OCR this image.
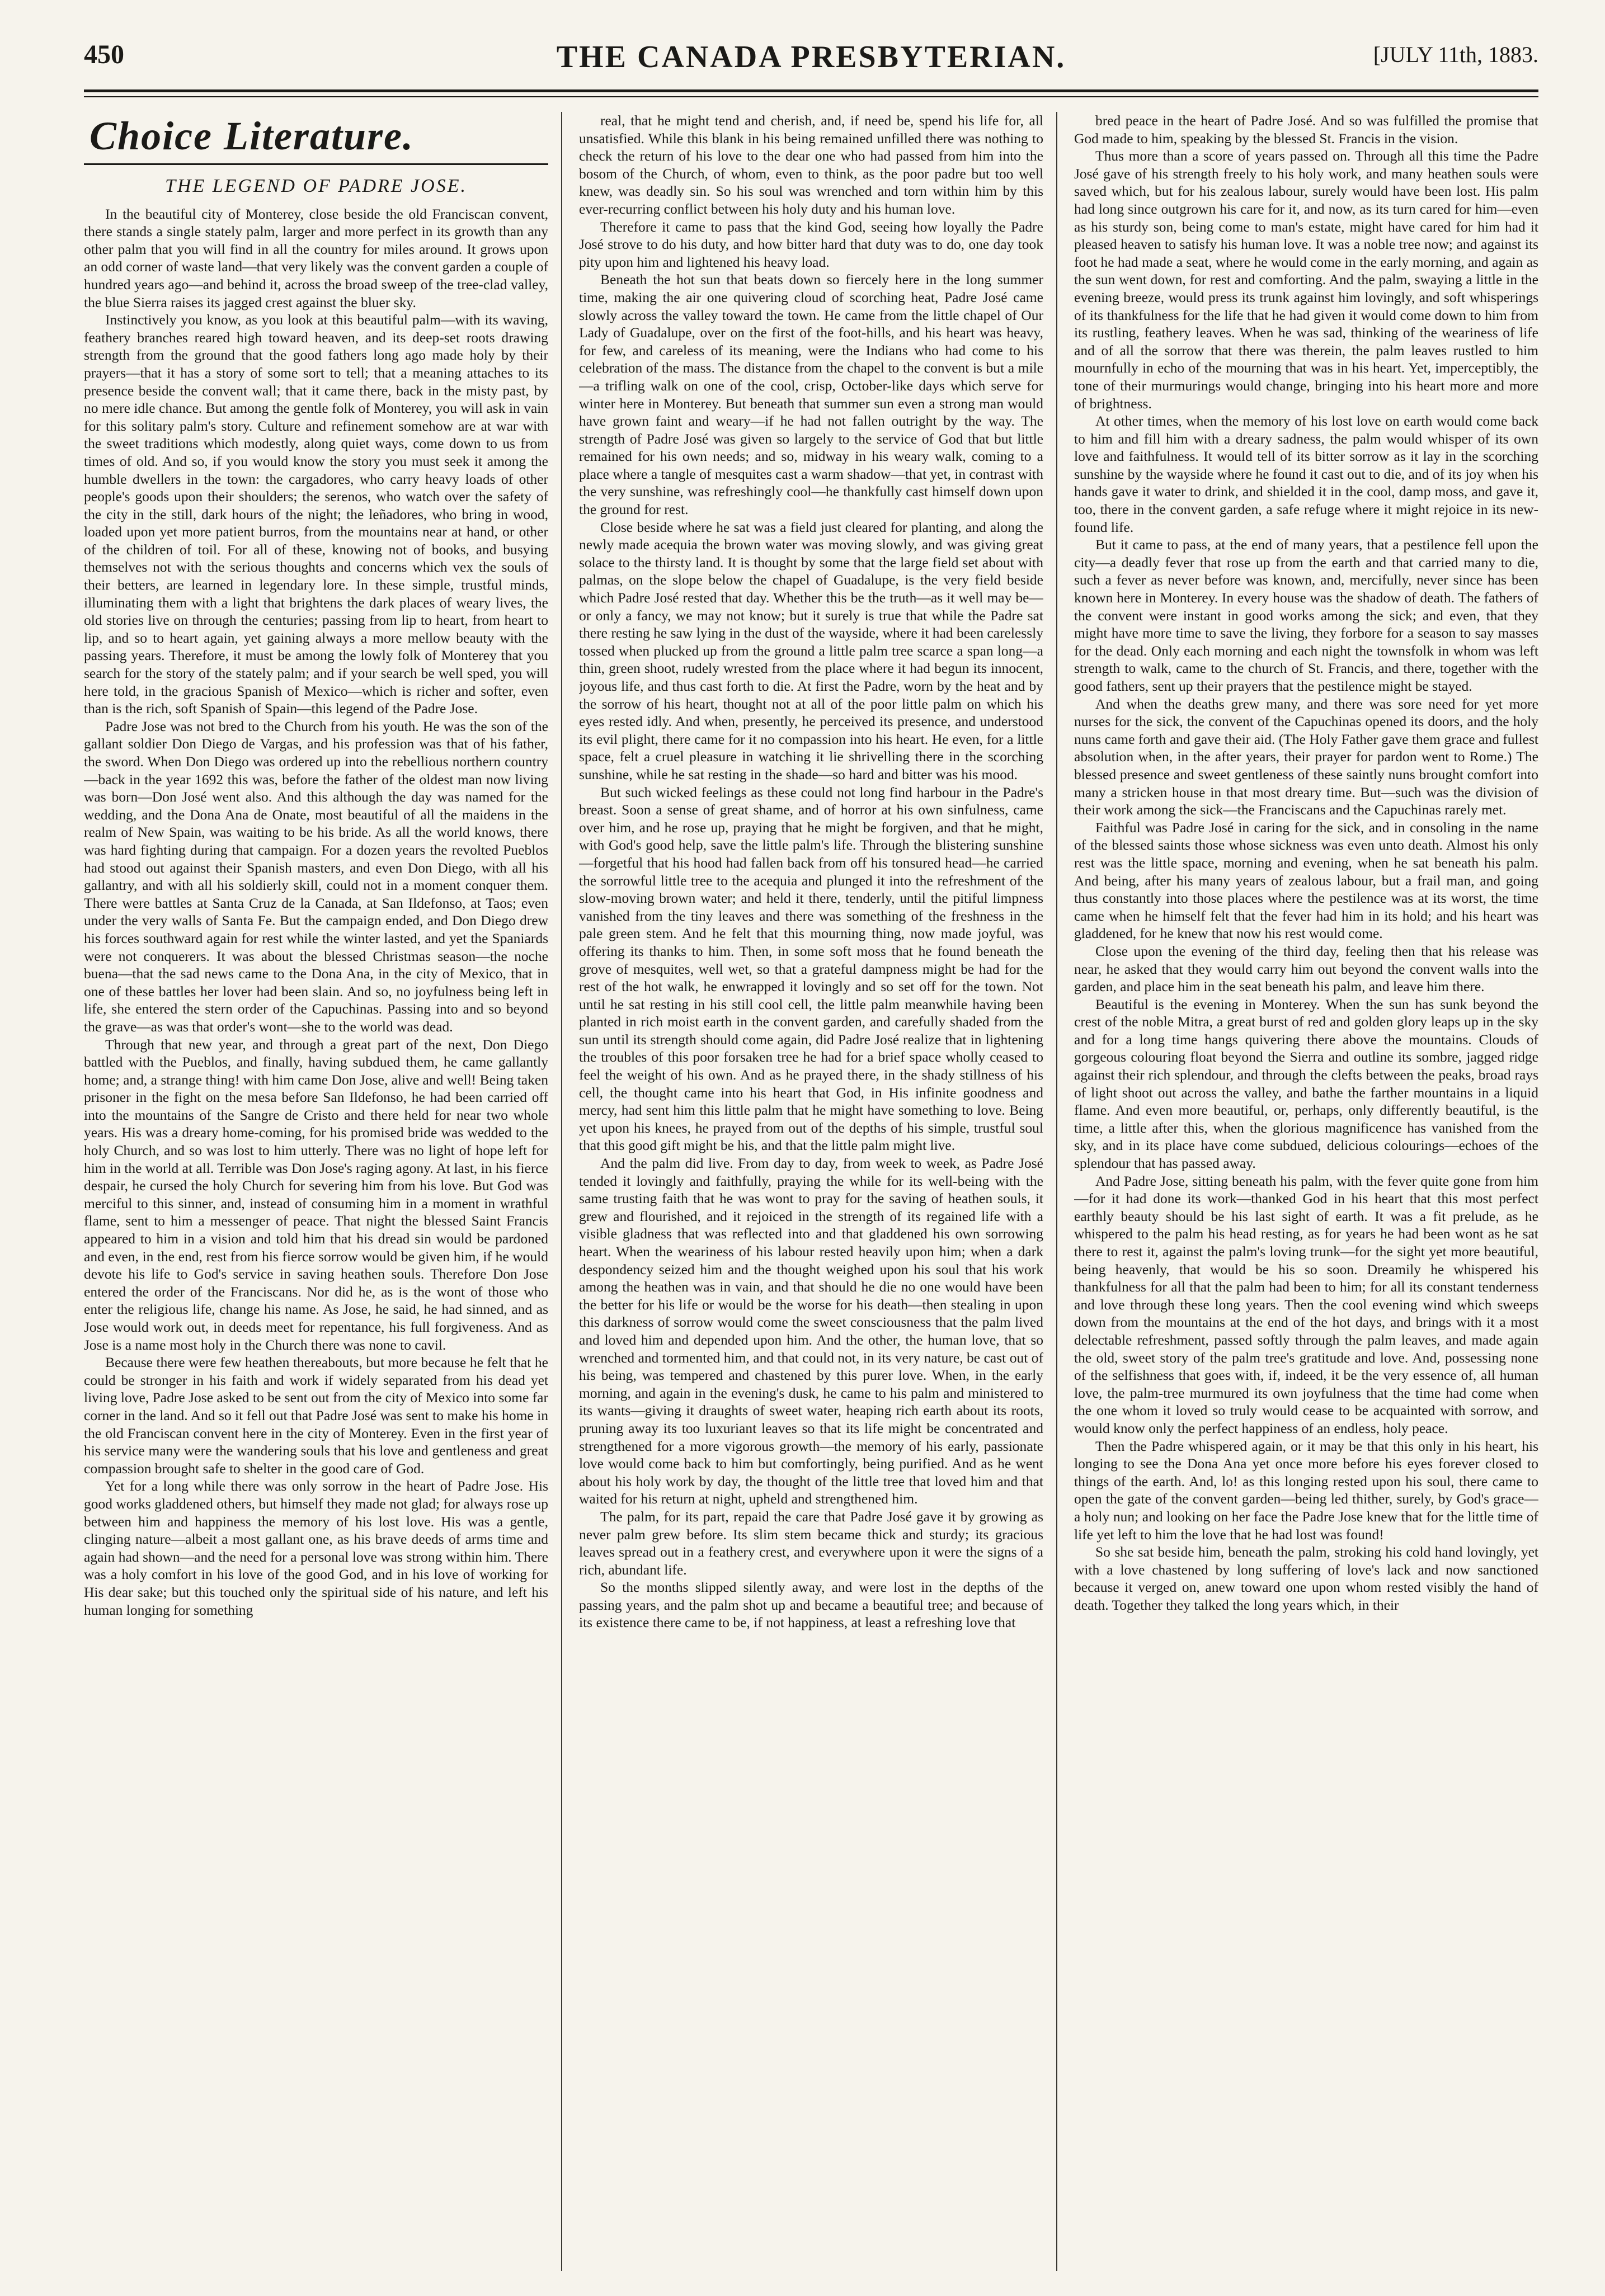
450	THE CANADA PRESBYTERIAN.	[JULY 11th, 1883.
Choice Literature.
THE LEGEND OF PADRE JOSE.

In the beautiful city of Monterey, close beside the old Franciscan convent, there stands a single stately palm, larger and more perfect in its growth than any other palm that you will find in all the country for miles around. It grows upon an odd corner of waste land—that very likely was the convent garden a couple of hundred years ago—and behind it, across the broad sweep of the tree-clad valley, the blue Sierra raises its jagged crest against the bluer sky.

Instinctively you know, as you look at this beautiful palm—with its waving, feathery branches reared high toward heaven, and its deep-set roots drawing strength from the ground that the good fathers long ago made holy by their prayers—that it has a story of some sort to tell; that a meaning attaches to its presence beside the convent wall; that it came there, back in the misty past, by no mere idle chance. But among the gentle folk of Monterey, you will ask in vain for this solitary palm's story. Culture and refinement somehow are at war with the sweet traditions which modestly, along quiet ways, come down to us from times of old. And so, if you would know the story you must seek it among the humble dwellers in the town: the cargadores, who carry heavy loads of other people's goods upon their shoulders; the serenos, who watch over the safety of the city in the still, dark hours of the night; the leñadores, who bring in wood, loaded upon yet more patient burros, from the mountains near at hand, or other of the children of toil. For all of these, knowing not of books, and busying themselves not with the serious thoughts and concerns which vex the souls of their betters, are learned in legendary lore. In these simple, trustful minds, illuminating them with a light that brightens the dark places of weary lives, the old stories live on through the centuries; passing from lip to heart, from heart to lip, and so to heart again, yet gaining always a more mellow beauty with the passing years. Therefore, it must be among the lowly folk of Monterey that you search for the story of the stately palm; and if your search be well sped, you will here told, in the gracious Spanish of Mexico—which is richer and softer, even than is the rich, soft Spanish of Spain—this legend of the Padre Jose.

Padre Jose was not bred to the Church from his youth. He was the son of the gallant soldier Don Diego de Vargas, and his profession was that of his father, the sword. When Don Diego was ordered up into the rebellious northern country—back in the year 1692 this was, before the father of the oldest man now living was born—Don José went also. And this although the day was named for the wedding, and the Dona Ana de Onate, most beautiful of all the maidens in the realm of New Spain, was waiting to be his bride. As all the world knows, there was hard fighting during that campaign. For a dozen years the revolted Pueblos had stood out against their Spanish masters, and even Don Diego, with all his gallantry, and with all his soldierly skill, could not in a moment conquer them. There were battles at Santa Cruz de la Canada, at San Ildefonso, at Taos; even under the very walls of Santa Fe. But the campaign ended, and Don Diego drew his forces southward again for rest while the winter lasted, and yet the Spaniards were not conquerers. It was about the blessed Christmas season—the noche buena—that the sad news came to the Dona Ana, in the city of Mexico, that in one of these battles her lover had been slain. And so, no joyfulness being left in life, she entered the stern order of the Capuchinas. Passing into and so beyond the grave—as was that order's wont—she to the world was dead.

Through that new year, and through a great part of the next, Don Diego battled with the Pueblos, and finally, having subdued them, he came gallantly home; and, a strange thing! with him came Don Jose, alive and well! Being taken prisoner in the fight on the mesa before San Ildefonso, he had been carried off into the mountains of the Sangre de Cristo and there held for near two whole years. His was a dreary home-coming, for his promised bride was wedded to the holy Church, and so was lost to him utterly. There was no light of hope left for him in the world at all. Terrible was Don Jose's raging agony. At last, in his fierce despair, he cursed the holy Church for severing him from his love. But God was merciful to this sinner, and, instead of consuming him in a moment in wrathful flame, sent to him a messenger of peace. That night the blessed Saint Francis appeared to him in a vision and told him that his dread sin would be pardoned and even, in the end, rest from his fierce sorrow would be given him, if he would devote his life to God's service in saving heathen souls. Therefore Don Jose entered the order of the Franciscans. Nor did he, as is the wont of those who enter the religious life, change his name. As Jose, he said, he had sinned, and as Jose would work out, in deeds meet for repentance, his full forgiveness. And as Jose is a name most holy in the Church there was none to cavil.

Because there were few heathen thereabouts, but more because he felt that he could be stronger in his faith and work if widely separated from his dead yet living love, Padre Jose asked to be sent out from the city of Mexico into some far corner in the land. And so it fell out that Padre José was sent to make his home in the old Franciscan convent here in the city of Monterey. Even in the first year of his service many were the wandering souls that his love and gentleness and great compassion brought safe to shelter in the good care of God.

Yet for a long while there was only sorrow in the heart of Padre Jose. His good works gladdened others, but himself they made not glad; for always rose up between him and happiness the memory of his lost love. His was a gentle, clinging nature—albeit a most gallant one, as his brave deeds of arms time and again had shown—and the need for a personal love was strong within him. There was a holy comfort in his love of the good God, and in his love of working for His dear sake; but this touched only the spiritual side of his nature, and left his human longing for something

real, that he might tend and cherish, and, if need be, spend his life for, all unsatisfied. While this blank in his being remained unfilled there was nothing to check the return of his love to the dear one who had passed from him into the bosom of the Church, of whom, even to think, as the poor padre but too well knew, was deadly sin. So his soul was wrenched and torn within him by this ever-recurring conflict between his holy duty and his human love.

Therefore it came to pass that the kind God, seeing how loyally the Padre José strove to do his duty, and how bitter hard that duty was to do, one day took pity upon him and lightened his heavy load.

Beneath the hot sun that beats down so fiercely here in the long summer time, making the air one quivering cloud of scorching heat, Padre José came slowly across the valley toward the town. He came from the little chapel of Our Lady of Guadalupe, over on the first of the foot-hills, and his heart was heavy, for few, and careless of its meaning, were the Indians who had come to his celebration of the mass. The distance from the chapel to the convent is but a mile—a trifling walk on one of the cool, crisp, October-like days which serve for winter here in Monterey. But beneath that summer sun even a strong man would have grown faint and weary—if he had not fallen outright by the way. The strength of Padre José was given so largely to the service of God that but little remained for his own needs; and so, midway in his weary walk, coming to a place where a tangle of mesquites cast a warm shadow—that yet, in contrast with the very sunshine, was refreshingly cool—he thankfully cast himself down upon the ground for rest.

Close beside where he sat was a field just cleared for planting, and along the newly made acequia the brown water was moving slowly, and was giving great solace to the thirsty land. It is thought by some that the large field set about with palmas, on the slope below the chapel of Guadalupe, is the very field beside which Padre José rested that day. Whether this be the truth—as it well may be—or only a fancy, we may not know; but it surely is true that while the Padre sat there resting he saw lying in the dust of the wayside, where it had been carelessly tossed when plucked up from the ground a little palm tree scarce a span long—a thin, green shoot, rudely wrested from the place where it had begun its innocent, joyous life, and thus cast forth to die. At first the Padre, worn by the heat and by the sorrow of his heart, thought not at all of the poor little palm on which his eyes rested idly. And when, presently, he perceived its presence, and understood its evil plight, there came for it no compassion into his heart. He even, for a little space, felt a cruel pleasure in watching it lie shrivelling there in the scorching sunshine, while he sat resting in the shade—so hard and bitter was his mood.

But such wicked feelings as these could not long find harbour in the Padre's breast. Soon a sense of great shame, and of horror at his own sinfulness, came over him, and he rose up, praying that he might be forgiven, and that he might, with God's good help, save the little palm's life. Through the blistering sunshine—forgetful that his hood had fallen back from off his tonsured head—he carried the sorrowful little tree to the acequia and plunged it into the refreshment of the slow-moving brown water; and held it there, tenderly, until the pitiful limpness vanished from the tiny leaves and there was something of the freshness in the pale green stem. And he felt that this mourning thing, now made joyful, was offering its thanks to him. Then, in some soft moss that he found beneath the grove of mesquites, well wet, so that a grateful dampness might be had for the rest of the hot walk, he enwrapped it lovingly and so set off for the town. Not until he sat resting in his still cool cell, the little palm meanwhile having been planted in rich moist earth in the convent garden, and carefully shaded from the sun until its strength should come again, did Padre José realize that in lightening the troubles of this poor forsaken tree he had for a brief space wholly ceased to feel the weight of his own. And as he prayed there, in the shady stillness of his cell, the thought came into his heart that God, in His infinite goodness and mercy, had sent him this little palm that he might have something to love. Being yet upon his knees, he prayed from out of the depths of his simple, trustful soul that this good gift might be his, and that the little palm might live.

And the palm did live. From day to day, from week to week, as Padre José tended it lovingly and faithfully, praying the while for its well-being with the same trusting faith that he was wont to pray for the saving of heathen souls, it grew and flourished, and it rejoiced in the strength of its regained life with a visible gladness that was reflected into and that gladdened his own sorrowing heart. When the weariness of his labour rested heavily upon him; when a dark despondency seized him and the thought weighed upon his soul that his work among the heathen was in vain, and that should he die no one would have been the better for his life or would be the worse for his death—then stealing in upon this darkness of sorrow would come the sweet consciousness that the palm lived and loved him and depended upon him. And the other, the human love, that so wrenched and tormented him, and that could not, in its very nature, be cast out of his being, was tempered and chastened by this purer love. When, in the early morning, and again in the evening's dusk, he came to his palm and ministered to its wants—giving it draughts of sweet water, heaping rich earth about its roots, pruning away its too luxuriant leaves so that its life might be concentrated and strengthened for a more vigorous growth—the memory of his early, passionate love would come back to him but comfortingly, being purified. And as he went about his holy work by day, the thought of the little tree that loved him and that waited for his return at night, upheld and strengthened him.

The palm, for its part, repaid the care that Padre José gave it by growing as never palm grew before. Its slim stem became thick and sturdy; its gracious leaves spread out in a feathery crest, and everywhere upon it were the signs of a rich, abundant life.

So the months slipped silently away, and were lost in the depths of the passing years, and the palm shot up and became a beautiful tree; and because of its existence there came to be, if not happiness, at least a refreshing love that

bred peace in the heart of Padre José. And so was fulfilled the promise that God made to him, speaking by the blessed St. Francis in the vision.

Thus more than a score of years passed on. Through all this time the Padre José gave of his strength freely to his holy work, and many heathen souls were saved which, but for his zealous labour, surely would have been lost. His palm had long since outgrown his care for it, and now, as its turn cared for him—even as his sturdy son, being come to man's estate, might have cared for him had it pleased heaven to satisfy his human love. It was a noble tree now; and against its foot he had made a seat, where he would come in the early morning, and again as the sun went down, for rest and comforting. And the palm, swaying a little in the evening breeze, would press its trunk against him lovingly, and soft whisperings of its thankfulness for the life that he had given it would come down to him from its rustling, feathery leaves. When he was sad, thinking of the weariness of life and of all the sorrow that there was therein, the palm leaves rustled to him mournfully in echo of the mourning that was in his heart. Yet, imperceptibly, the tone of their murmurings would change, bringing into his heart more and more of brightness.

At other times, when the memory of his lost love on earth would come back to him and fill him with a dreary sadness, the palm would whisper of its own love and faithfulness. It would tell of its bitter sorrow as it lay in the scorching sunshine by the wayside where he found it cast out to die, and of its joy when his hands gave it water to drink, and shielded it in the cool, damp moss, and gave it, too, there in the convent garden, a safe refuge where it might rejoice in its new-found life.

But it came to pass, at the end of many years, that a pestilence fell upon the city—a deadly fever that rose up from the earth and that carried many to die, such a fever as never before was known, and, mercifully, never since has been known here in Monterey. In every house was the shadow of death. The fathers of the convent were instant in good works among the sick; and even, that they might have more time to save the living, they forbore for a season to say masses for the dead. Only each morning and each night the townsfolk in whom was left strength to walk, came to the church of St. Francis, and there, together with the good fathers, sent up their prayers that the pestilence might be stayed.

And when the deaths grew many, and there was sore need for yet more nurses for the sick, the convent of the Capuchinas opened its doors, and the holy nuns came forth and gave their aid. (The Holy Father gave them grace and fullest absolution when, in the after years, their prayer for pardon went to Rome.) The blessed presence and sweet gentleness of these saintly nuns brought comfort into many a stricken house in that most dreary time. But—such was the division of their work among the sick—the Franciscans and the Capuchinas rarely met.

Faithful was Padre José in caring for the sick, and in consoling in the name of the blessed saints those whose sickness was even unto death. Almost his only rest was the little space, morning and evening, when he sat beneath his palm. And being, after his many years of zealous labour, but a frail man, and going thus constantly into those places where the pestilence was at its worst, the time came when he himself felt that the fever had him in its hold; and his heart was gladdened, for he knew that now his rest would come.

Close upon the evening of the third day, feeling then that his release was near, he asked that they would carry him out beyond the convent walls into the garden, and place him in the seat beneath his palm, and leave him there.

Beautiful is the evening in Monterey. When the sun has sunk beyond the crest of the noble Mitra, a great burst of red and golden glory leaps up in the sky and for a long time hangs quivering there above the mountains. Clouds of gorgeous colouring float beyond the Sierra and outline its sombre, jagged ridge against their rich splendour, and through the clefts between the peaks, broad rays of light shoot out across the valley, and bathe the farther mountains in a liquid flame. And even more beautiful, or, perhaps, only differently beautiful, is the time, a little after this, when the glorious magnificence has vanished from the sky, and in its place have come subdued, delicious colourings—echoes of the splendour that has passed away.

And Padre Jose, sitting beneath his palm, with the fever quite gone from him—for it had done its work—thanked God in his heart that this most perfect earthly beauty should be his last sight of earth. It was a fit prelude, as he whispered to the palm his head resting, as for years he had been wont as he sat there to rest it, against the palm's loving trunk—for the sight yet more beautiful, being heavenly, that would be his so soon. Dreamily he whispered his thankfulness for all that the palm had been to him; for all its constant tenderness and love through these long years. Then the cool evening wind which sweeps down from the mountains at the end of the hot days, and brings with it a most delectable refreshment, passed softly through the palm leaves, and made again the old, sweet story of the palm tree's gratitude and love. And, possessing none of the selfishness that goes with, if, indeed, it be the very essence of, all human love, the palm-tree murmured its own joyfulness that the time had come when the one whom it loved so truly would cease to be acquainted with sorrow, and would know only the perfect happiness of an endless, holy peace.

Then the Padre whispered again, or it may be that this only in his heart, his longing to see the Dona Ana yet once more before his eyes forever closed to things of the earth. And, lo! as this longing rested upon his soul, there came to open the gate of the convent garden—being led thither, surely, by God's grace—a holy nun; and looking on her face the Padre Jose knew that for the little time of life yet left to him the love that he had lost was found!

So she sat beside him, beneath the palm, stroking his cold hand lovingly, yet with a love chastened by long suffering of love's lack and now sanctioned because it verged on, anew toward one upon whom rested visibly the hand of death. Together they talked the long years which, in their
